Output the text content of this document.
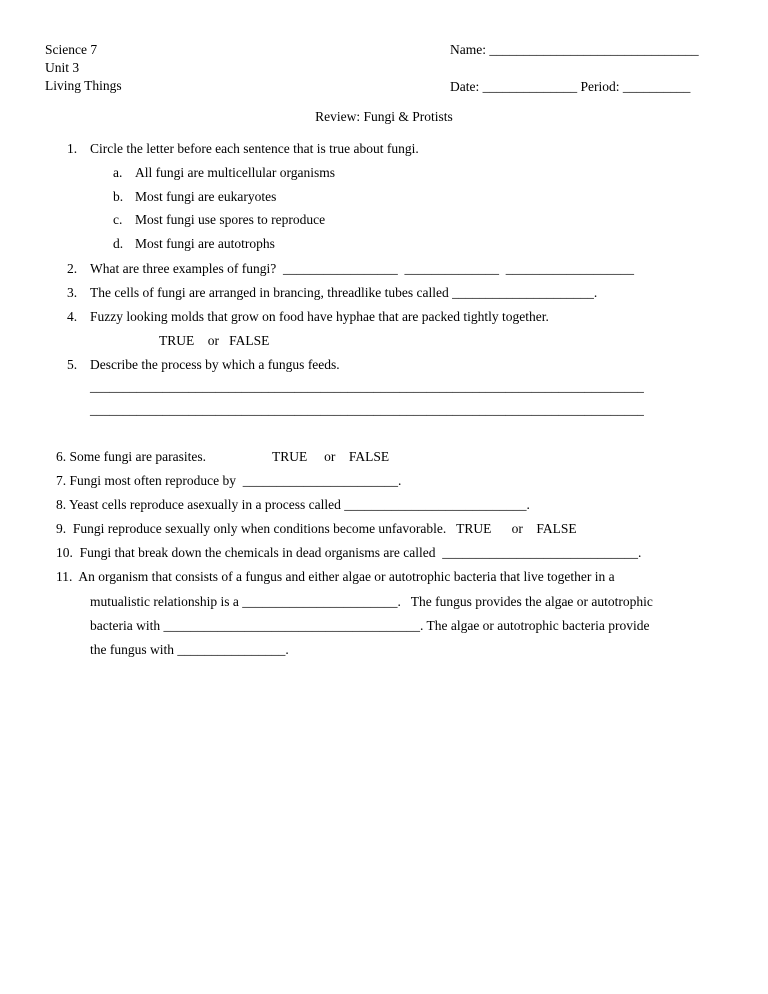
Science 7
Unit 3
Living Things
Name: _______________________________
Date: ______________ Period: __________
Review: Fungi & Protists
1. Circle the letter before each sentence that is true about fungi.
a. All fungi are multicellular organisms
b. Most fungi are eukaryotes
c. Most fungi use spores to reproduce
d. Most fungi are autotrophs
2. What are three examples of fungi?  _________________  ______________  ___________________
3. The cells of fungi are arranged in brancing, threadlike tubes called _____________________.
4. Fuzzy looking molds that grow on food have hyphae that are packed tightly together.
TRUE    or   FALSE
5. Describe the process by which a fungus feeds.
____________________________________________________________________________________
____________________________________________________________________________________
6. Some fungi are parasites.	TRUE     or    FALSE
7. Fungi most often reproduce by  _______________________.
8. Yeast cells reproduce asexually in a process called ___________________________.
9.  Fungi reproduce sexually only when conditions become unfavorable.   TRUE      or    FALSE
10.  Fungi that break down the chemicals in dead organisms are called  _____________________________.
11.  An organism that consists of a fungus and either algae or autotrophic bacteria that live together in a
mutualistic relationship is a _______________________.   The fungus provides the algae or autotrophic
bacteria with ______________________________________. The algae or autotrophic bacteria provide
the fungus with ________________.
